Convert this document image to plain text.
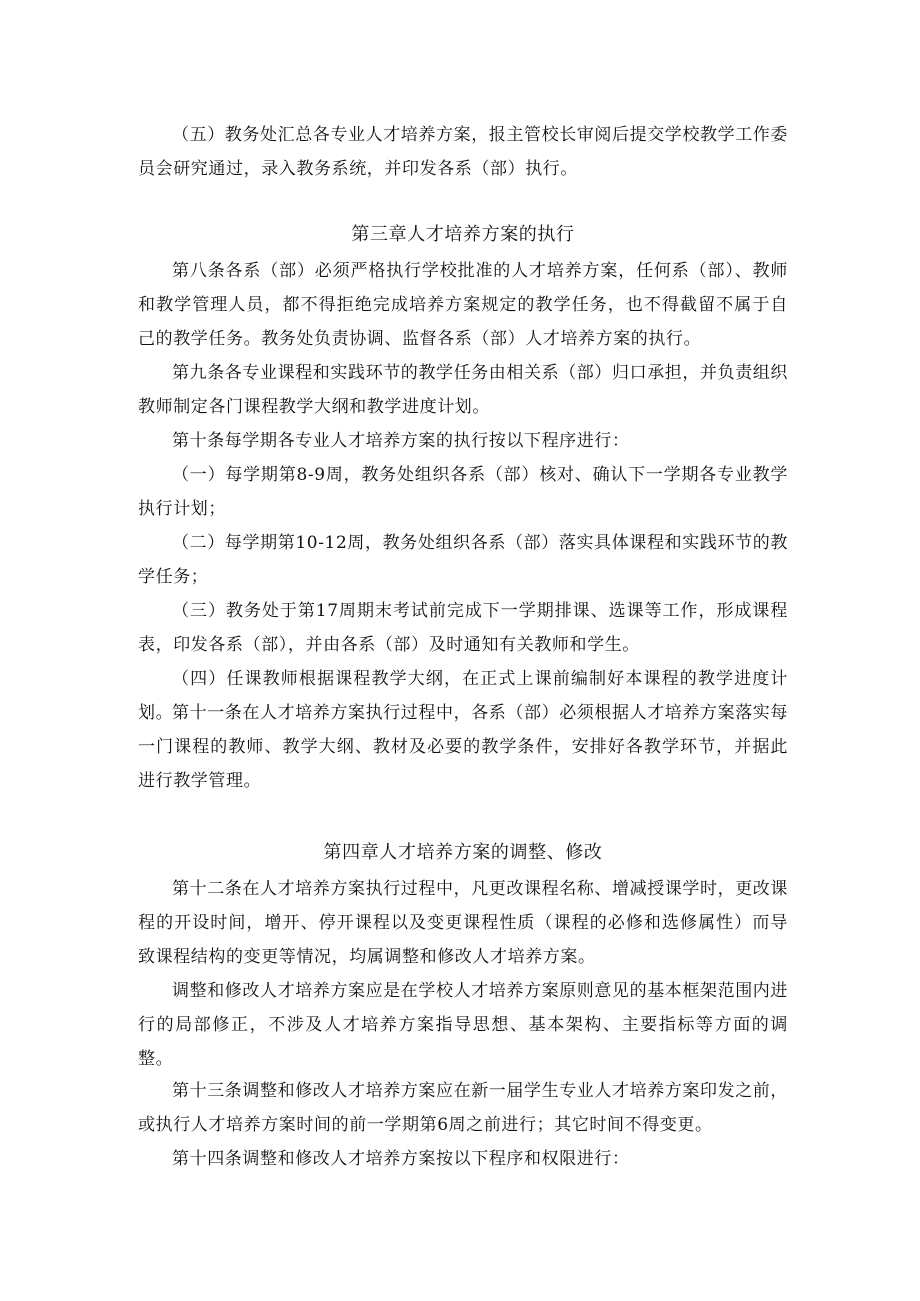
（五）教务处汇总各专业人才培养方案，报主管校长审阅后提交学校教学工作委员会研究通过，录入教务系统，并印发各系（部）执行。

第三章人才培养方案的执行

第八条各系（部）必须严格执行学校批准的人才培养方案，任何系（部）、教师和教学管理人员，都不得拒绝完成培养方案规定的教学任务，也不得截留不属于自己的教学任务。教务处负责协调、监督各系（部）人才培养方案的执行。

第九条各专业课程和实践环节的教学任务由相关系（部）归口承担，并负责组织教师制定各门课程教学大纲和教学进度计划。

第十条每学期各专业人才培养方案的执行按以下程序进行：

（一）每学期第8-9周，教务处组织各系（部）核对、确认下一学期各专业教学执行计划；

（二）每学期第10-12周，教务处组织各系（部）落实具体课程和实践环节的教学任务；

（三）教务处于第17周期末考试前完成下一学期排课、选课等工作，形成课程表，印发各系（部），并由各系（部）及时通知有关教师和学生。

（四）任课教师根据课程教学大纲，在正式上课前编制好本课程的教学进度计划。

第十一条在人才培养方案执行过程中，各系（部）必须根据人才培养方案落实每一门课程的教师、教学大纲、教材及必要的教学条件，安排好各教学环节，并据此进行教学管理。

第四章人才培养方案的调整、修改

第十二条在人才培养方案执行过程中，凡更改课程名称、增减授课学时，更改课程的开设时间，增开、停开课程以及变更课程性质（课程的必修和选修属性）而导致课程结构的变更等情况，均属调整和修改人才培养方案。

调整和修改人才培养方案应是在学校人才培养方案原则意见的基本框架范围内进行的局部修正，不涉及人才培养方案指导思想、基本架构、主要指标等方面的调整。

第十三条调整和修改人才培养方案应在新一届学生专业人才培养方案印发之前，或执行人才培养方案时间的前一学期第6周之前进行；其它时间不得变更。

第十四条调整和修改人才培养方案按以下程序和权限进行：
